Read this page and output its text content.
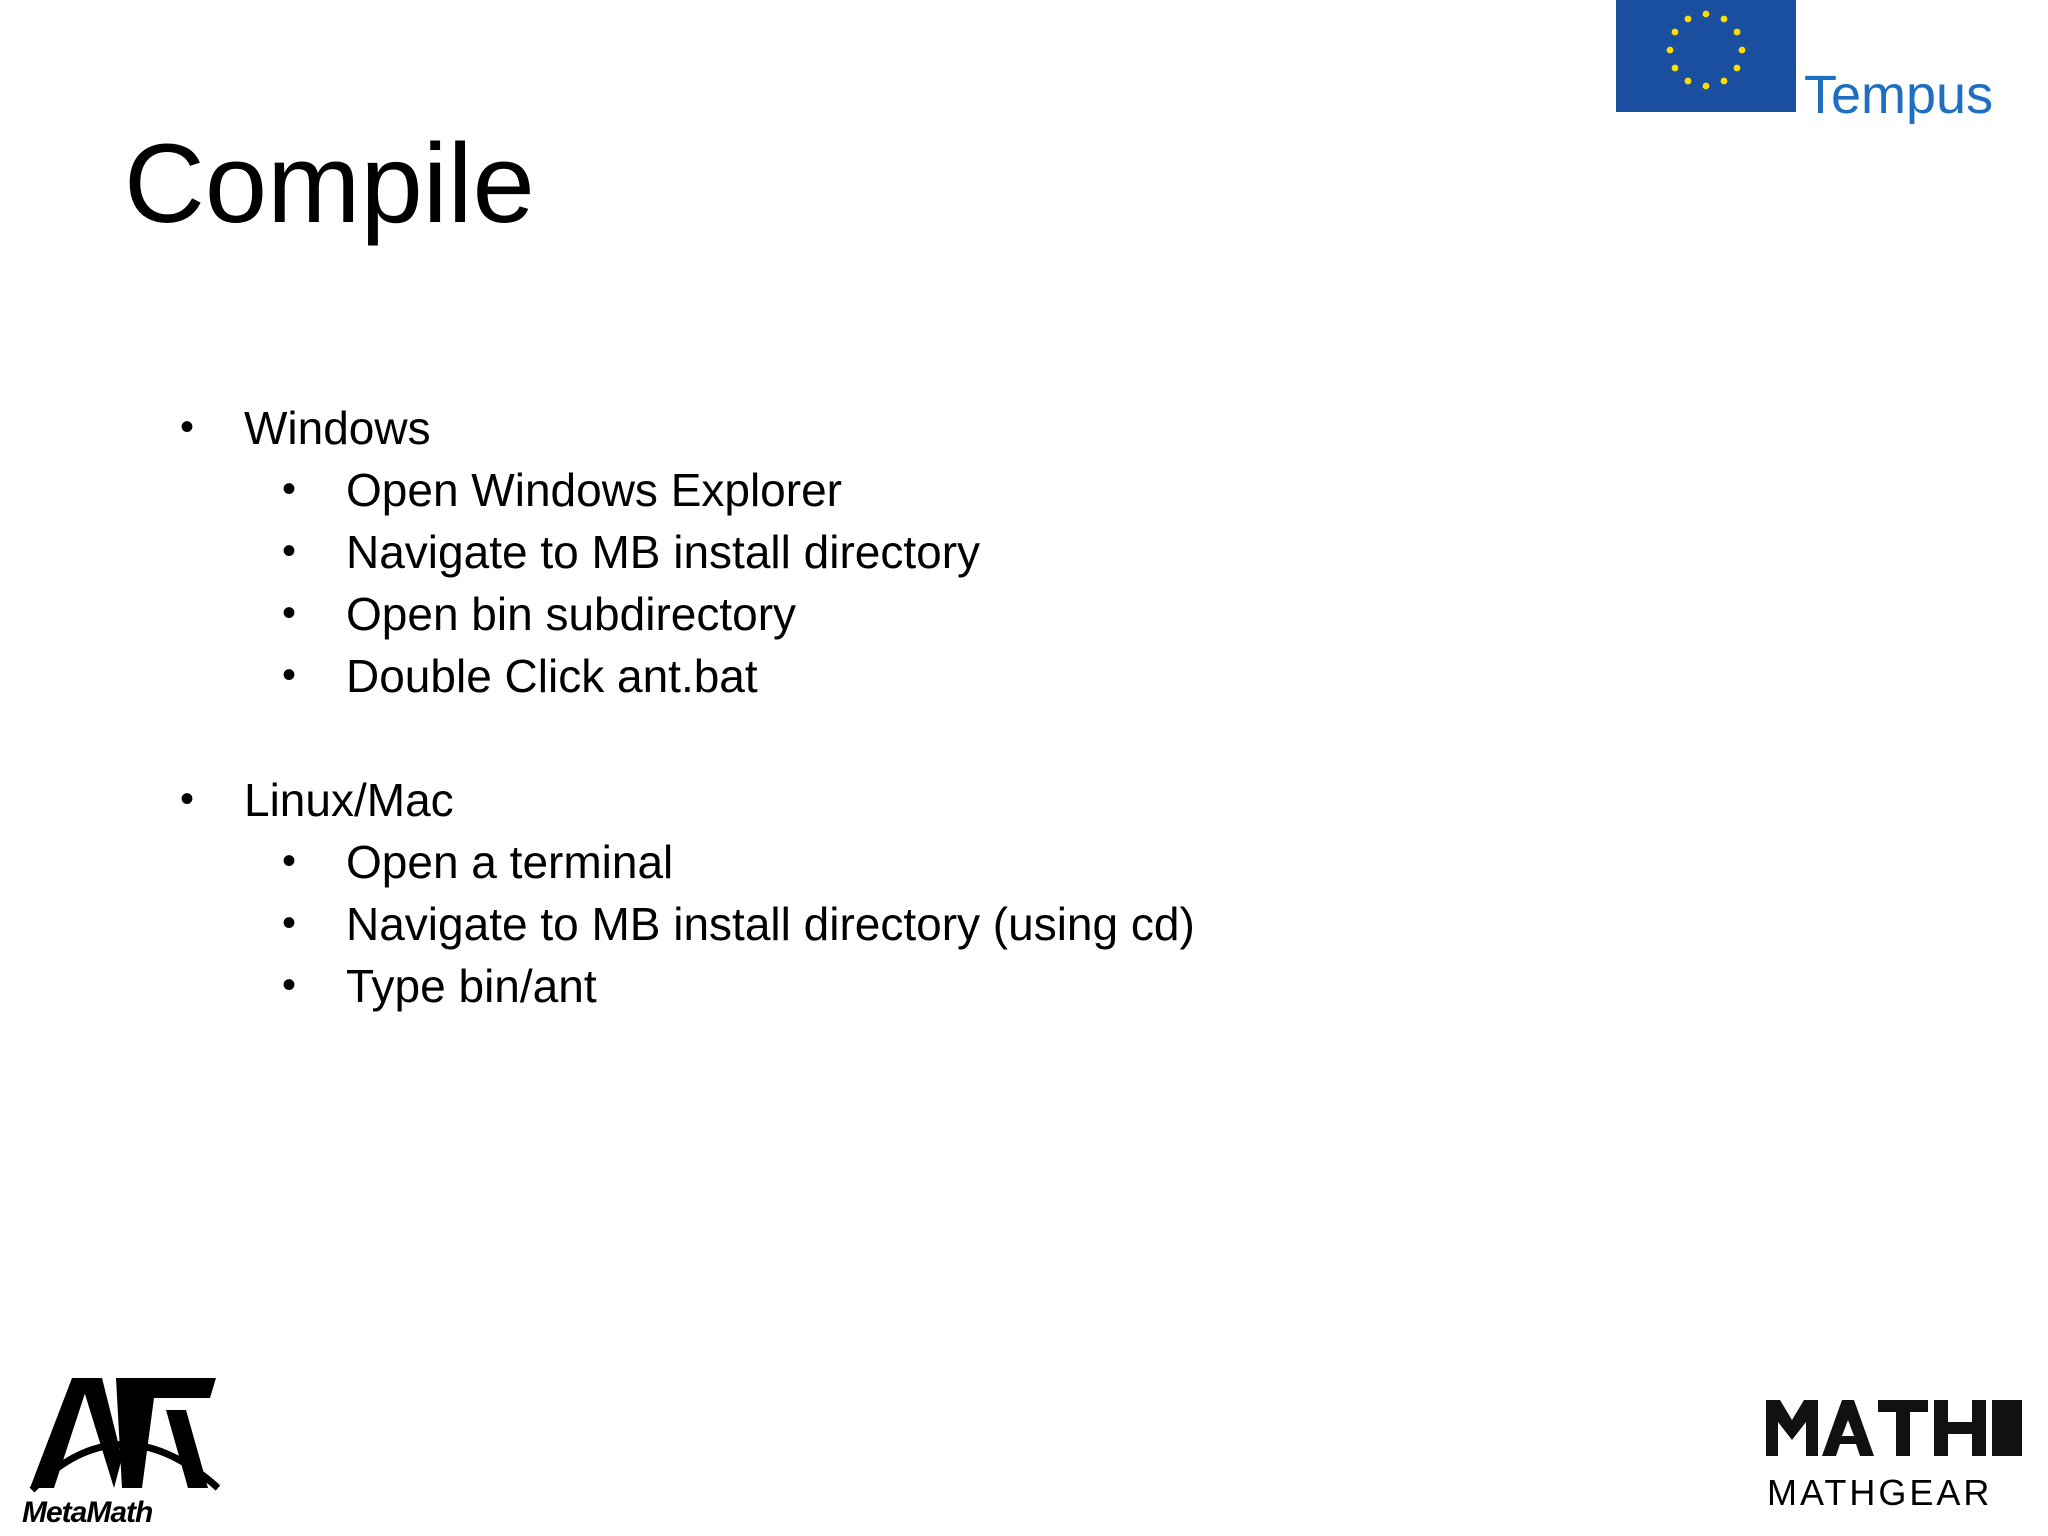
Compile
• Windows
• Open Windows Explorer
• Navigate to MB install directory
• Open bin subdirectory
• Double Click ant.bat
• Linux/Mac
• Open a terminal
• Navigate to MB install directory (using cd)
• Type bin/ant
Tempus
MetaMath	MATHGEAR
